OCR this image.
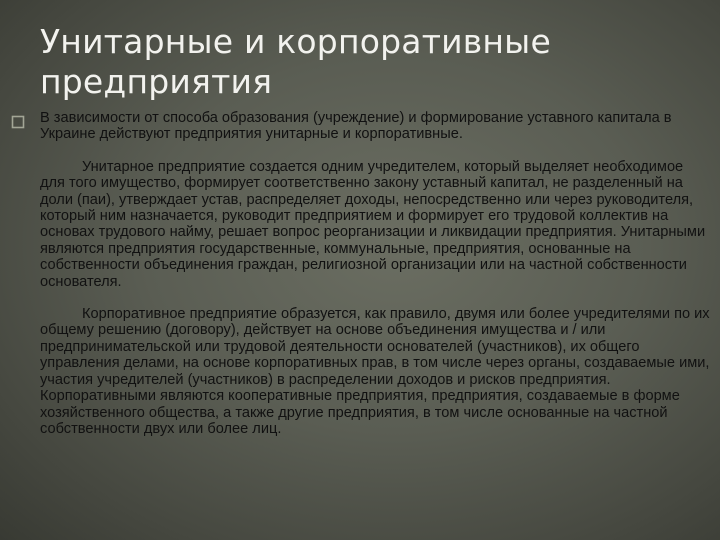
Унитарные и корпоративные предприятия

В зависимости от способа образования (учреждение) и формирование уставного капитала в Украине действуют предприятия унитарные и корпоративные.

Унитарное предприятие создается одним учредителем, который выделяет необходимое для того имущество, формирует соответственно закону уставный капитал, не разделенный на доли (паи), утверждает устав, распределяет доходы, непосредственно или через руководителя, который ним назначается, руководит предприятием и формирует его трудовой коллектив на основах трудового найму, решает вопрос реорганизации и ликвидации предприятия. Унитарными являются предприятия государственные, коммунальные, предприятия, основанные на собственности объединения граждан, религиозной организации или на частной собственности основателя.

Корпоративное предприятие образуется, как правило, двумя или более учредителями по их общему решению (договору), действует на основе объединения имущества и / или предпринимательской или трудовой деятельности основателей (участников), их общего управления делами, на основе корпоративных прав, в том числе через органы, создаваемые ими, участия учредителей (участников) в распределении доходов и рисков предприятия. Корпоративными являются кооперативные предприятия, предприятия, создаваемые в форме хозяйственного общества, а также другие предприятия, в том числе основанные на частной собственности двух или более лиц.
